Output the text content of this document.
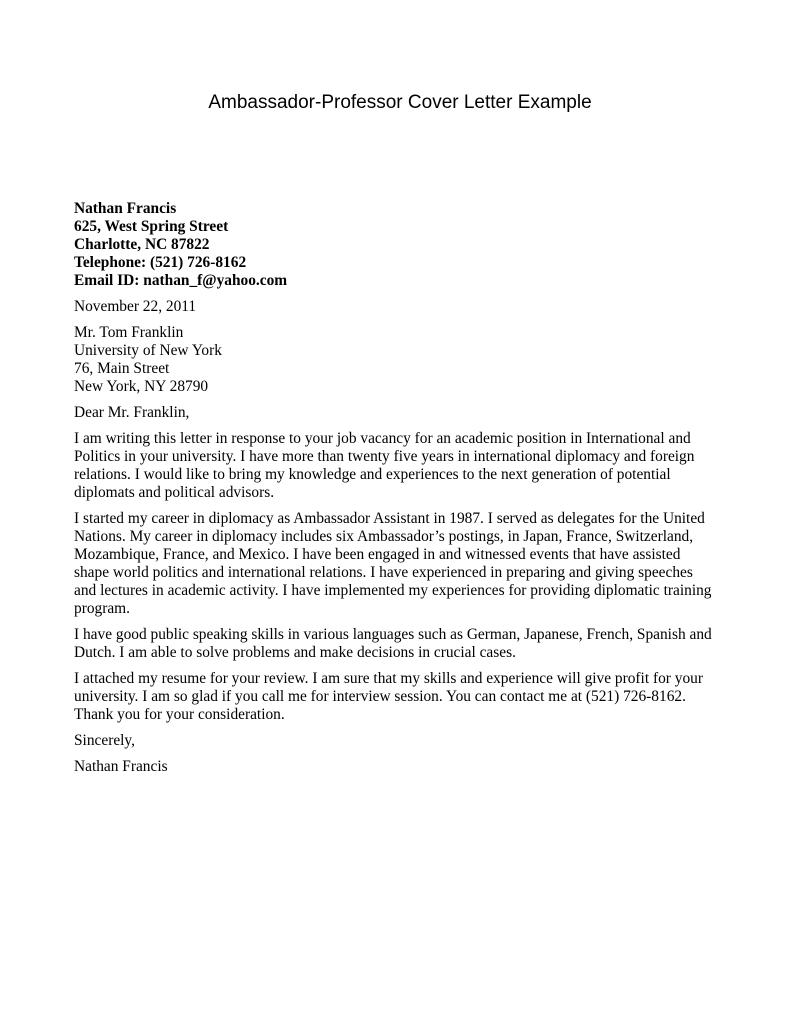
Ambassador-Professor Cover Letter Example

Nathan Francis

625, West Spring Street

Charlotte, NC 87822

Telephone: (521) 726-8162

Email ID: nathan_f@yahoo.com

November 22, 2011

Mr. Tom Franklin

University of New York

76, Main Street

New York, NY 28790

Dear Mr. Franklin,

I am writing this letter in response to your job vacancy for an academic position in International and

Politics in your university. I have more than twenty five years in international diplomacy and foreign

relations. I would like to bring my knowledge and experiences to the next generation of potential

diplomats and political advisors.

I started my career in diplomacy as Ambassador Assistant in 1987. I served as delegates for the United

Nations. My career in diplomacy includes six Ambassador’s postings, in Japan, France, Switzerland,

Mozambique, France, and Mexico. I have been engaged in and witnessed events that have assisted

shape world politics and international relations. I have experienced in preparing and giving speeches

and lectures in academic activity. I have implemented my experiences for providing diplomatic training

program.

I have good public speaking skills in various languages such as German, Japanese, French, Spanish and

Dutch. I am able to solve problems and make decisions in crucial cases.

I attached my resume for your review. I am sure that my skills and experience will give profit for your

university. I am so glad if you call me for interview session. You can contact me at (521) 726-8162.

Thank you for your consideration.

Sincerely,

Nathan Francis
